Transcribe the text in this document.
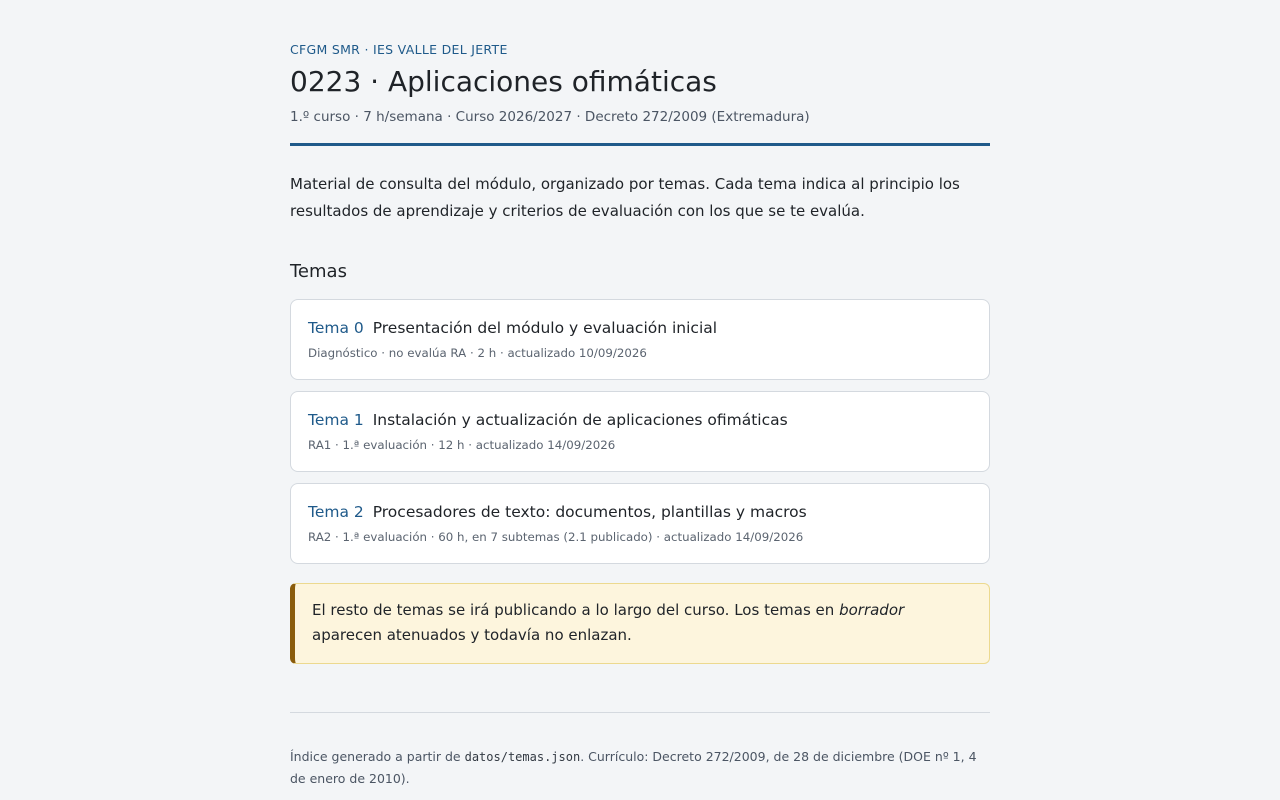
CFGM SMR · IES VALLE DEL JERTE
0223 · Aplicaciones ofimáticas
1.º curso · 7 h/semana · Curso 2026/2027 · Decreto 272/2009 (Extremadura)

Material de consulta del módulo, organizado por temas. Cada tema indica al principio los resultados de aprendizaje y criterios de evaluación con los que se te evalúa.

Temas
Tema 0 Presentación del módulo y evaluación inicial
Diagnóstico · no evalúa RA · 2 h · actualizado 10/09/2026
Tema 1 Instalación y actualización de aplicaciones ofimáticas
RA1 · 1.ª evaluación · 12 h · actualizado 14/09/2026
Tema 2 Procesadores de texto: documentos, plantillas y macros
RA2 · 1.ª evaluación · 60 h, en 7 subtemas (2.1 publicado) · actualizado 14/09/2026
El resto de temas se irá publicando a lo largo del curso. Los temas en borrador aparecen atenuados y todavía no enlazan.
Índice generado a partir de datos/temas.json. Currículo: Decreto 272/2009, de 28 de diciembre (DOE nº 1, 4 de enero de 2010).
